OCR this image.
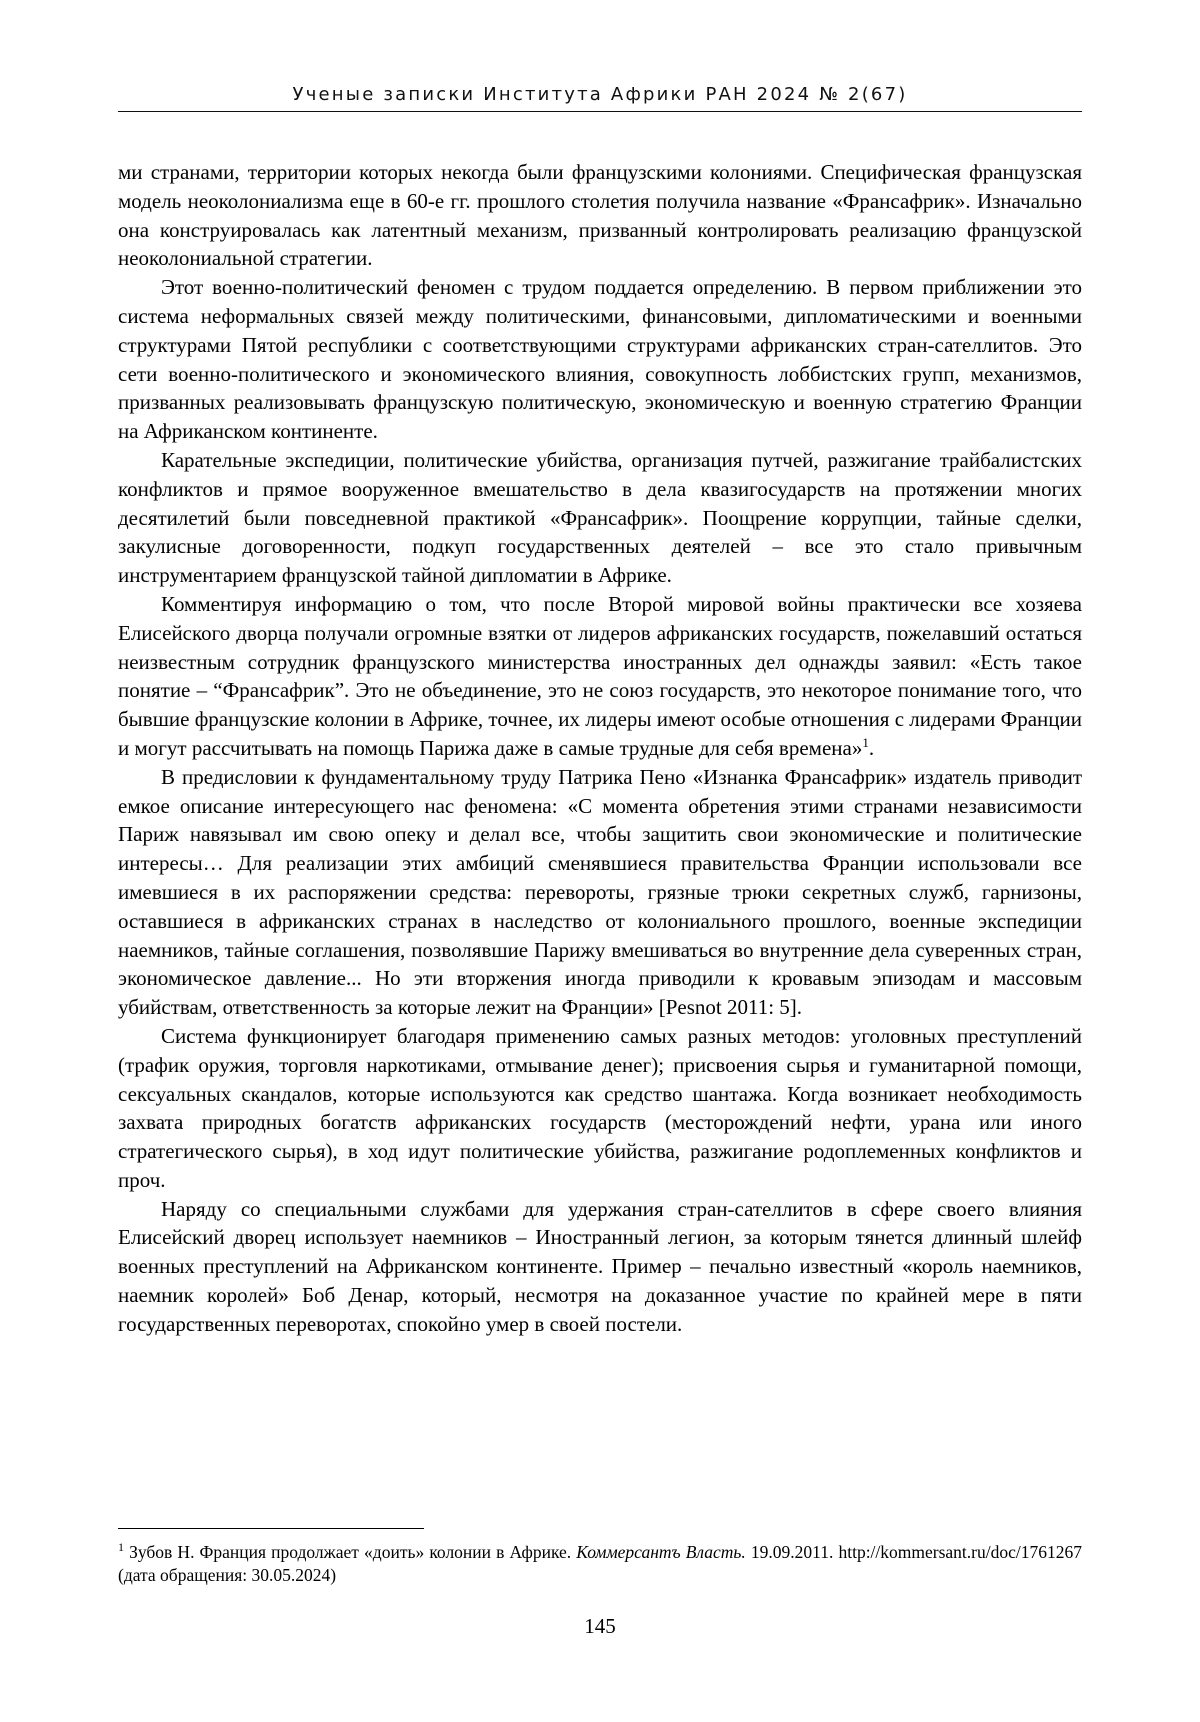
Ученые записки Института Африки РАН 2024 № 2(67)

ми странами, территории которых некогда были французскими колониями. Специфическая французская модель неоколониализма еще в 60-е гг. прошлого столетия получила название «Франсафрик». Изначально она конструировалась как латентный механизм, призванный контролировать реализацию французской неоколониальной стратегии.

Этот военно-политический феномен с трудом поддается определению. В первом приближении это система неформальных связей между политическими, финансовыми, дипломатическими и военными структурами Пятой республики с соответствующими структурами африканских стран-сателлитов. Это сети военно-политического и экономического влияния, совокупность лоббистских групп, механизмов, призванных реализовывать французскую политическую, экономическую и военную стратегию Франции на Африканском континенте.

Карательные экспедиции, политические убийства, организация путчей, разжигание трайбалистских конфликтов и прямое вооруженное вмешательство в дела квазигосударств на протяжении многих десятилетий были повседневной практикой «Франсафрик». Поощрение коррупции, тайные сделки, закулисные договоренности, подкуп государственных деятелей – все это стало привычным инструментарием французской тайной дипломатии в Африке.

Комментируя информацию о том, что после Второй мировой войны практически все хозяева Елисейского дворца получали огромные взятки от лидеров африканских государств, пожелавший остаться неизвестным сотрудник французского министерства иностранных дел однажды заявил: «Есть такое понятие – “Франсафрик”. Это не объединение, это не союз государств, это некоторое понимание того, что бывшие французские колонии в Африке, точнее, их лидеры имеют особые отношения с лидерами Франции и могут рассчитывать на помощь Парижа даже в самые трудные для себя времена»$^1$.

В предисловии к фундаментальному труду Патрика Пено «Изнанка Франсафрик» издатель приводит емкое описание интересующего нас феномена: «С момента обретения этими странами независимости Париж навязывал им свою опеку и делал все, чтобы защитить свои экономические и политические интересы… Для реализации этих амбиций сменявшиеся правительства Франции использовали все имевшиеся в их распоряжении средства: перевороты, грязные трюки секретных служб, гарнизоны, оставшиеся в африканских странах в наследство от колониального прошлого, военные экспедиции наемников, тайные соглашения, позволявшие Парижу вмешиваться во внутренние дела суверенных стран, экономическое давление... Но эти вторжения иногда приводили к кровавым эпизодам и массовым убийствам, ответственность за которые лежит на Франции» [Pesnot 2011: 5].

Система функционирует благодаря применению самых разных методов: уголовных преступлений (трафик оружия, торговля наркотиками, отмывание денег); присвоения сырья и гуманитарной помощи, сексуальных скандалов, которые используются как средство шантажа. Когда возникает необходимость захвата природных богатств африканских государств (месторождений нефти, урана или иного стратегического сырья), в ход идут политические убийства, разжигание родоплеменных конфликтов и проч.

Наряду со специальными службами для удержания стран-сателлитов в сфере своего влияния Елисейский дворец использует наемников – Иностранный легион, за которым тянется длинный шлейф военных преступлений на Африканском континенте. Пример – печально известный «король наемников, наемник королей» Боб Денар, который, несмотря на доказанное участие по крайней мере в пяти государственных переворотах, спокойно умер в своей постели.

$^1$ Зубов Н. Франция продолжает «доить» колонии в Африке. Коммерсантъ Власть. 19.09.2011. http://kommersant.ru/doc/1761267 (дата обращения: 30.05.2024)
145
